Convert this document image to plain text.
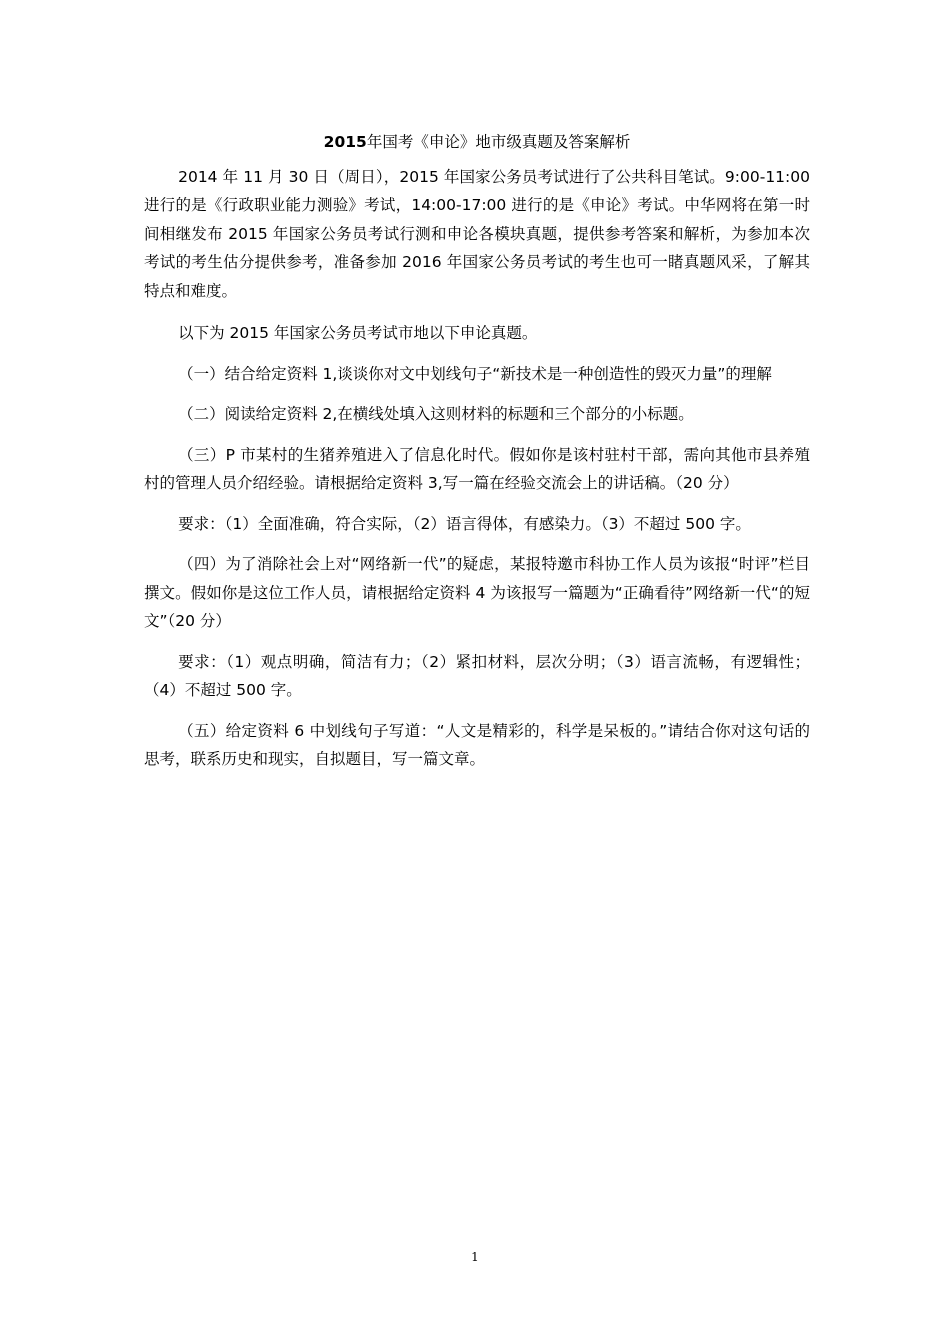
2015年国考《申论》地市级真题及答案解析

2014 年 11 月 30 日（周日），2015 年国家公务员考试进行了公共科目笔试。9:00-11:00 进行的是《行政职业能力测验》考试，14:00-17:00 进行的是《申论》考试。中华网将在第一时间相继发布 2015 年国家公务员考试行测和申论各模块真题，提供参考答案和解析，为参加本次考试的考生估分提供参考，准备参加 2016 年国家公务员考试的考生也可一睹真题风采，了解其特点和难度。

以下为 2015 年国家公务员考试市地以下申论真题。

（一）结合给定资料 1,谈谈你对文中划线句子“新技术是一种创造性的毁灭力量”的理解

（二）阅读给定资料 2,在横线处填入这则材料的标题和三个部分的小标题。

（三）P 市某村的生猪养殖进入了信息化时代。假如你是该村驻村干部，需向其他市县养殖村的管理人员介绍经验。请根据给定资料 3,写一篇在经验交流会上的讲话稿。（20 分）

要求：（1）全面准确，符合实际，（2）语言得体，有感染力。（3）不超过 500 字。

（四）为了消除社会上对“网络新一代”的疑虑，某报特邀市科协工作人员为该报“时评”栏目撰文。假如你是这位工作人员，请根据给定资料 4 为该报写一篇题为“正确看待”网络新一代“的短文”（20 分）

要求：（1）观点明确，简洁有力；（2）紧扣材料，层次分明；（3）语言流畅，有逻辑性；（4）不超过 500 字。

（五）给定资料 6 中划线句子写道：“人文是精彩的，科学是呆板的。”请结合你对这句话的思考，联系历史和现实，自拟题目，写一篇文章。

1
